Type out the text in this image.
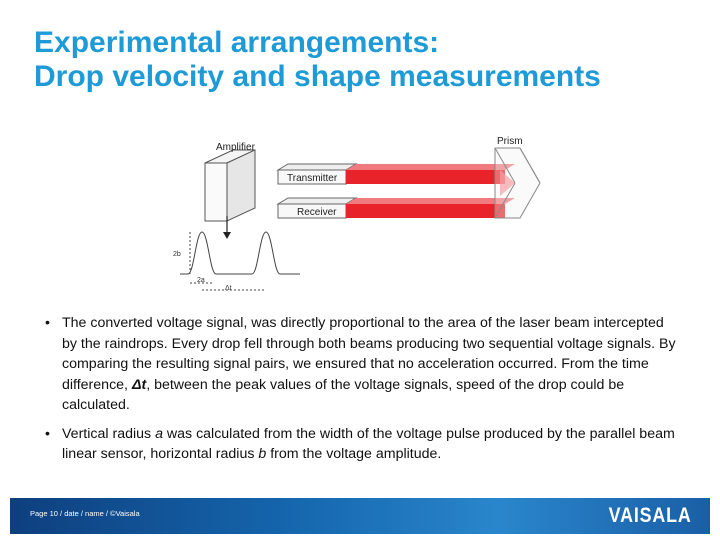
Experimental arrangements:
Drop velocity and shape measurements
Amplifier
Transmitter
Receiver
Prism
2b
2a
Δt
• The converted voltage signal, was directly proportional to the area of the laser beam intercepted by the raindrops. Every drop fell through both beams producing two sequential voltage signals. By comparing the resulting signal pairs, we ensured that no acceleration occurred. From the time difference, Δt, between the peak values of the voltage signals, speed of the drop could be calculated.
• Vertical radius a was calculated from the width of the voltage pulse produced by the parallel beam linear sensor, horizontal radius b from the voltage amplitude.
Page 10 / date / name / ©Vaisala	VAISALA
